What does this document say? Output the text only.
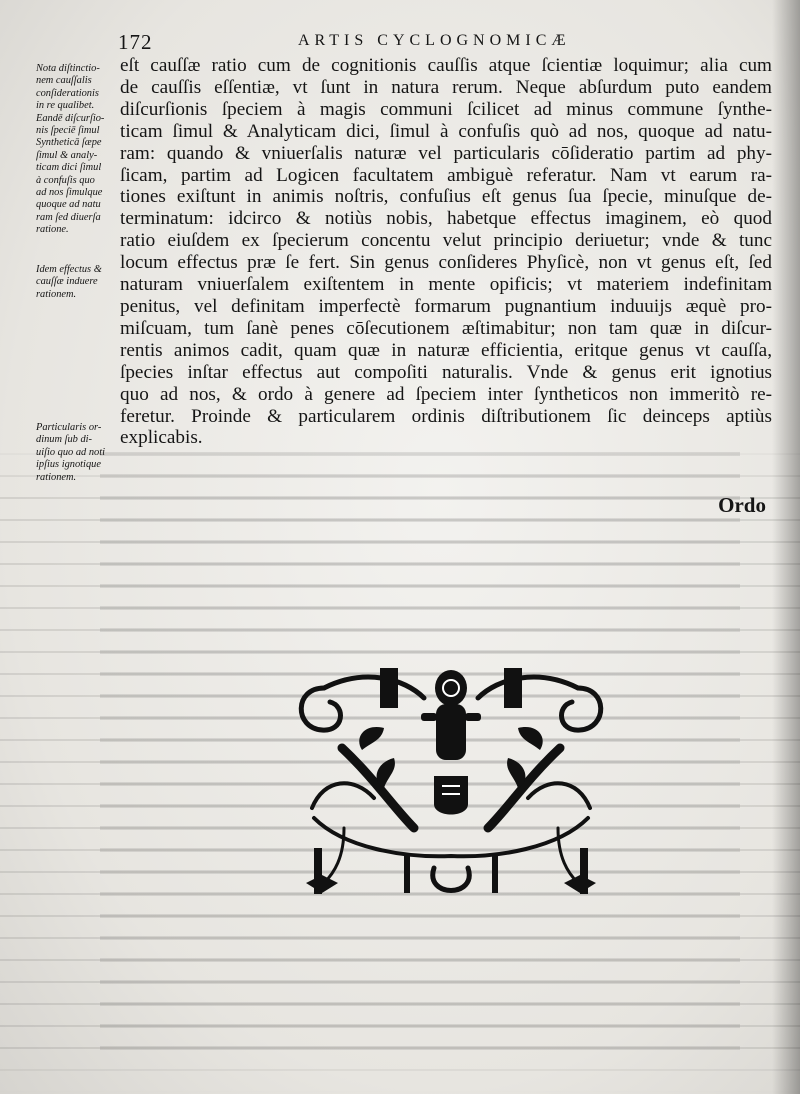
172	ARTIS CYCLOGNOMICÆ

eſt cauſſæ ratio cum de cognitionis cauſſis atque ſcientiæ loquimur; alia cum
de cauſſis eſſentiæ, vt ſunt in natura rerum. Neque abſurdum puto eandem
diſcurſionis ſpeciem à magis communi ſcilicet ad minus commune ſynthe-
ticam ſimul & Analyticam dici, ſimul à confuſis quò ad nos, quoque ad natu-
ram: quando & vniuerſalis naturæ vel particularis cōſideratio partim ad phy-
ſicam, partim ad Logicen facultatem ambiguè referatur. Nam vt earum ra-
tiones exiſtunt in animis noſtris, confuſius eſt genus ſua ſpecie, minuſque de-
terminatum: idcirco & notiùs nobis, habetque effectus imaginem, eò quod
ratio eiuſdem ex ſpecierum concentu velut principio deriuetur; vnde & tunc
locum effectus præ ſe fert. Sin genus conſideres Phyſicè, non vt genus eſt, ſed
naturam vniuerſalem exiſtentem in mente opificis; vt materiem indefinitam
penitus, vel definitam imperfectè formarum pugnantium induuijs æquè pro-
miſcuam, tum ſanè penes cōſecutionem æſtimabitur; non tam quæ in diſcur-
rentis animos cadit, quam quæ in naturæ efficientia, eritque genus vt cauſſa,
ſpecies inſtar effectus aut compoſiti naturalis. Vnde & genus erit ignotius
quo ad nos, & ordo à genere ad ſpeciem inter ſyntheticos non immeritò re-
feretur. Proinde & particularem ordinis diſtributionem ſic deinceps aptiùs
explicabis.

Nota diſtinctio-
nem cauſſalis
conſiderationis
in re qualibet.
Eandē diſcurſio-
nis ſpeciē ſimul
Syntheticā ſæpe
ſimul & analy-
ticam dici ſimul
à confuſis quo
ad nos ſimulque
quoque ad natu
ram ſed diuerſa
ratione.

Idem effectus &
cauſſæ induere
rationem.

Particularis or-
dinum ſub di-
uiſio quo ad noti
ipſius ignotique
rationem.

Ordo
